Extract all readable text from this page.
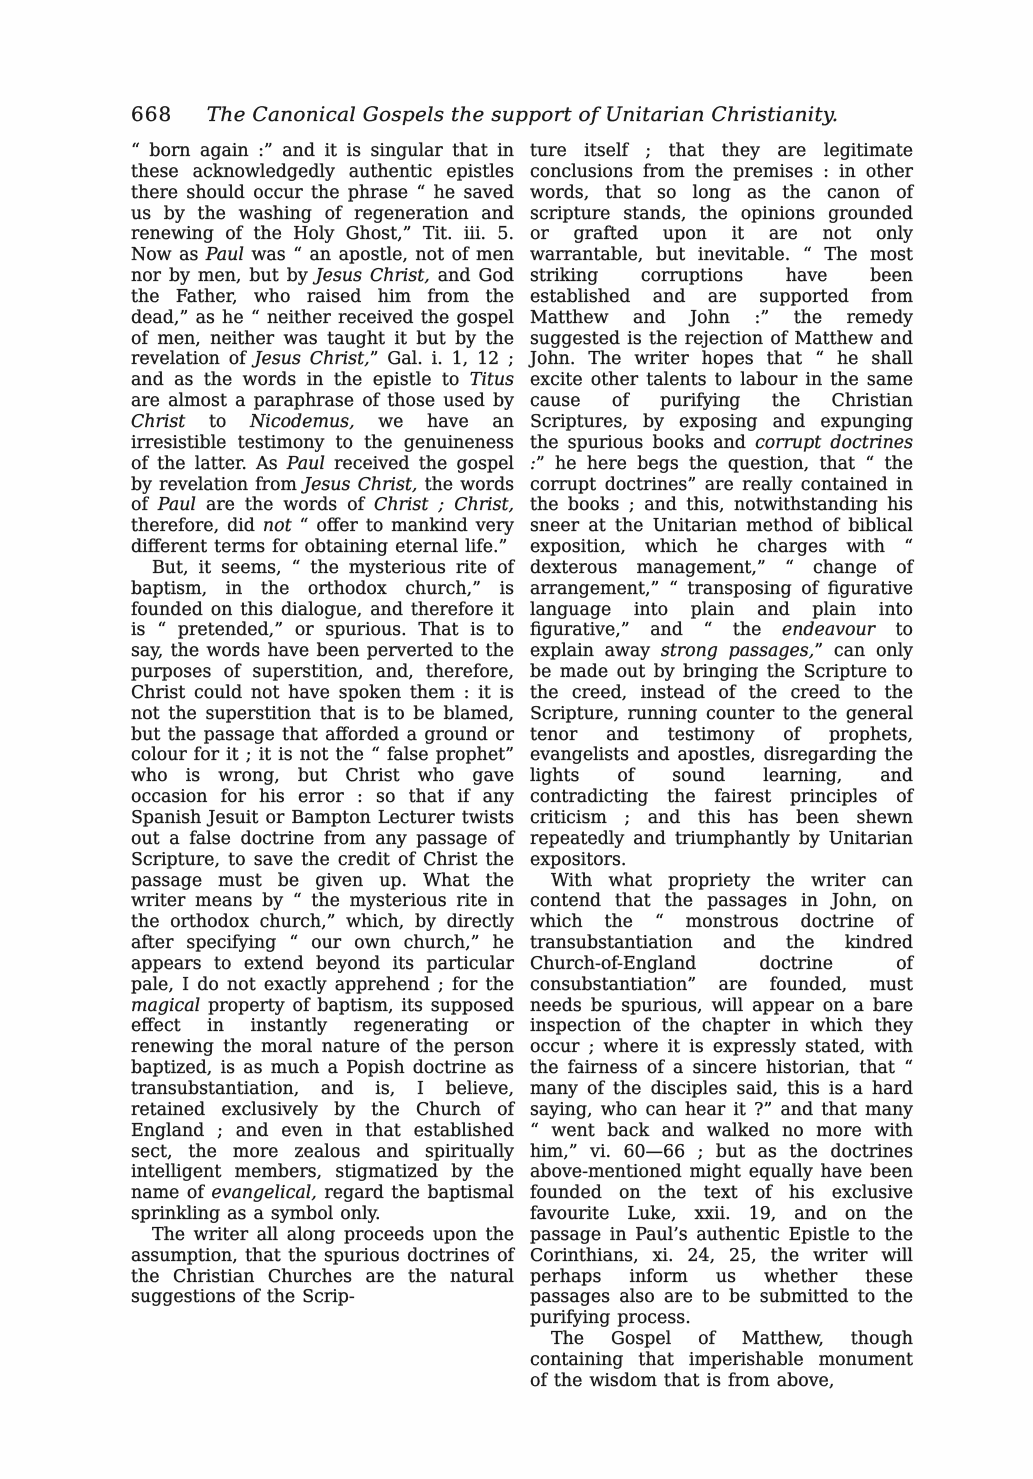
668	The Canonical Gospels the support of Unitarian Christianity.

“ born again :” and it is singular that in these acknowledgedly authentic epistles there should occur the phrase “ he saved us by the washing of regeneration and renewing of the Holy Ghost,” Tit. iii. 5. Now as Paul was “ an apostle, not of men nor by men, but by Jesus Christ, and God the Father, who raised him from the dead,” as he “ neither received the gospel of men, neither was taught it but by the revelation of Jesus Christ,” Gal. i. 1, 12 ; and as the words in the epistle to Titus are almost a paraphrase of those used by Christ to Nicodemus, we have an irresistible testimony to the genuineness of the latter. As Paul received the gospel by revelation from Jesus Christ, the words of Paul are the words of Christ ; Christ, therefore, did not “ offer to mankind very different terms for obtaining eternal life.”

But, it seems, “ the mysterious rite of baptism, in the orthodox church,” is founded on this dialogue, and therefore it is “ pretended,” or spurious. That is to say, the words have been perverted to the purposes of superstition, and, therefore, Christ could not have spoken them : it is not the superstition that is to be blamed, but the passage that afforded a ground or colour for it ; it is not the “ false prophet” who is wrong, but Christ who gave occasion for his error : so that if any Spanish Jesuit or Bampton Lecturer twists out a false doctrine from any passage of Scripture, to save the credit of Christ the passage must be given up. What the writer means by “ the mysterious rite in the orthodox church,” which, by directly after specifying “ our own church,” he appears to extend beyond its particular pale, I do not exactly apprehend ; for the magical property of baptism, its supposed effect in instantly regenerating or renewing the moral nature of the person baptized, is as much a Popish doctrine as transubstantiation, and is, I believe, retained exclusively by the Church of England ; and even in that established sect, the more zealous and spiritually intelligent members, stigmatized by the name of evangelical, regard the baptismal sprinkling as a symbol only.

The writer all along proceeds upon the assumption, that the spurious doctrines of the Christian Churches are the natural suggestions of the Scrip-

ture itself ; that they are legitimate conclusions from the premises : in other words, that so long as the canon of scripture stands, the opinions grounded or grafted upon it are not only warrantable, but inevitable. “ The most striking corruptions have been established and are supported from Matthew and John :” the remedy suggested is the rejection of Matthew and John. The writer hopes that “ he shall excite other talents to labour in the same cause of purifying the Christian Scriptures, by exposing and expunging the spurious books and corrupt doctrines :” he here begs the question, that “ the corrupt doctrines” are really contained in the books ; and this, notwithstanding his sneer at the Unitarian method of biblical exposition, which he charges with “ dexterous management,” “ change of arrangement,” “ transposing of figurative language into plain and plain into figurative,” and “ the endeavour to explain away strong passages,” can only be made out by bringing the Scripture to the creed, instead of the creed to the Scripture, running counter to the general tenor and testimony of prophets, evangelists and apostles, disregarding the lights of sound learning, and contradicting the fairest principles of criticism ; and this has been shewn repeatedly and triumphantly by Unitarian expositors.

With what propriety the writer can contend that the passages in John, on which the “ monstrous doctrine of transubstantiation and the kindred Church-of-England doctrine of consubstantiation” are founded, must needs be spurious, will appear on a bare inspection of the chapter in which they occur ; where it is expressly stated, with the fairness of a sincere historian, that “ many of the disciples said, this is a hard saying, who can hear it ?” and that many “ went back and walked no more with him,” vi. 60—66 ; but as the doctrines above-mentioned might equally have been founded on the text of his exclusive favourite Luke, xxii. 19, and on the passage in Paul’s authentic Epistle to the Corinthians, xi. 24, 25, the writer will perhaps inform us whether these passages also are to be submitted to the purifying process.

The Gospel of Matthew, though containing that imperishable monument of the wisdom that is from above,
